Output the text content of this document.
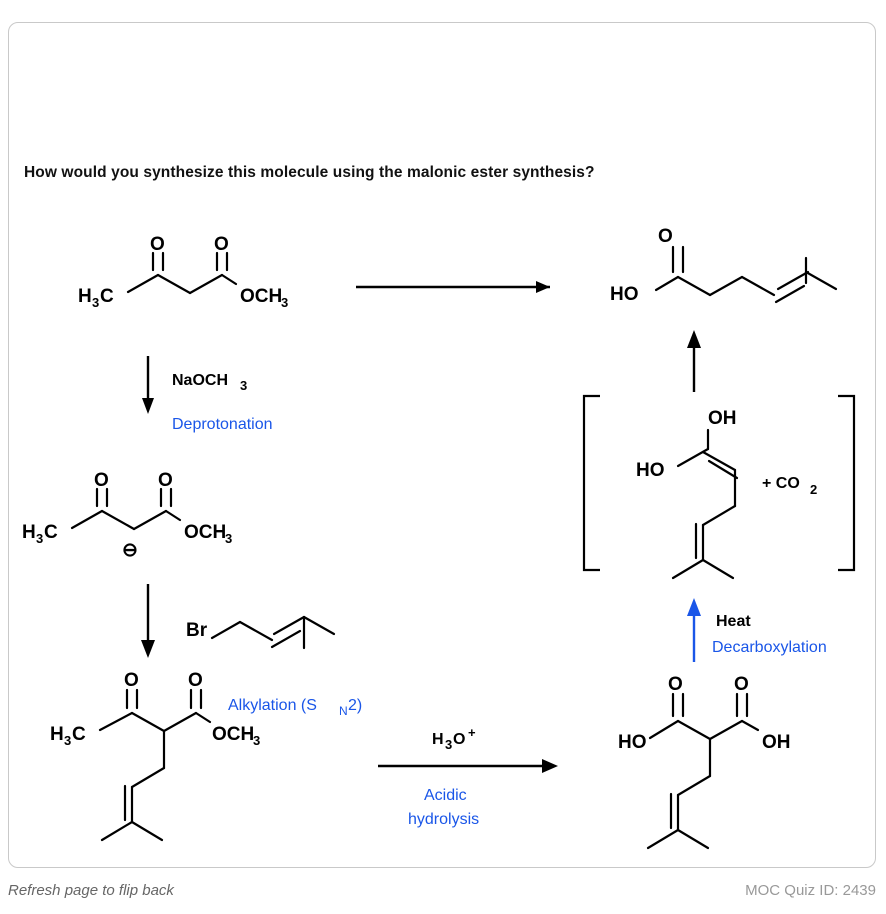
How would you synthesize this molecule using the malonic ester synthesis?
H 3 C
O	O
OCH
3	HO
O
NaOCH 3
Deprotonation
H 3 C
O	O
OCH
3
⊖
Br
Alkylation (S N 2)
H 3 C
O	O
OCH
3	H 3 O +
Acidic
hydrolysis
HO
O	O
OH
Heat
Decarboxylation
OH
HO
+ CO 2
Refresh page to flip back	MOC Quiz ID: 2439
